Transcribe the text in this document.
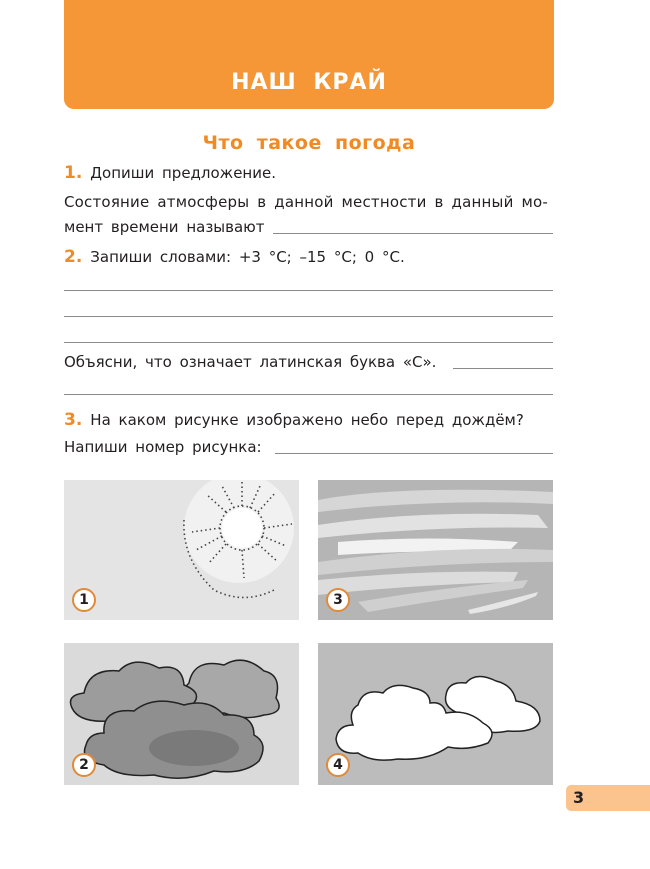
НАШ КРАЙ
Что такое погода
1. Допиши предложение.
Состояние атмосферы в данной местности в данный мо-
мент времени называют
2. Запиши словами: +3 °С; –15 °С; 0 °С.
Объясни, что означает латинская буква «С».
3. На каком рисунке изображено небо перед дождём?
Напиши номер рисунка:
1	3
2	4
3
